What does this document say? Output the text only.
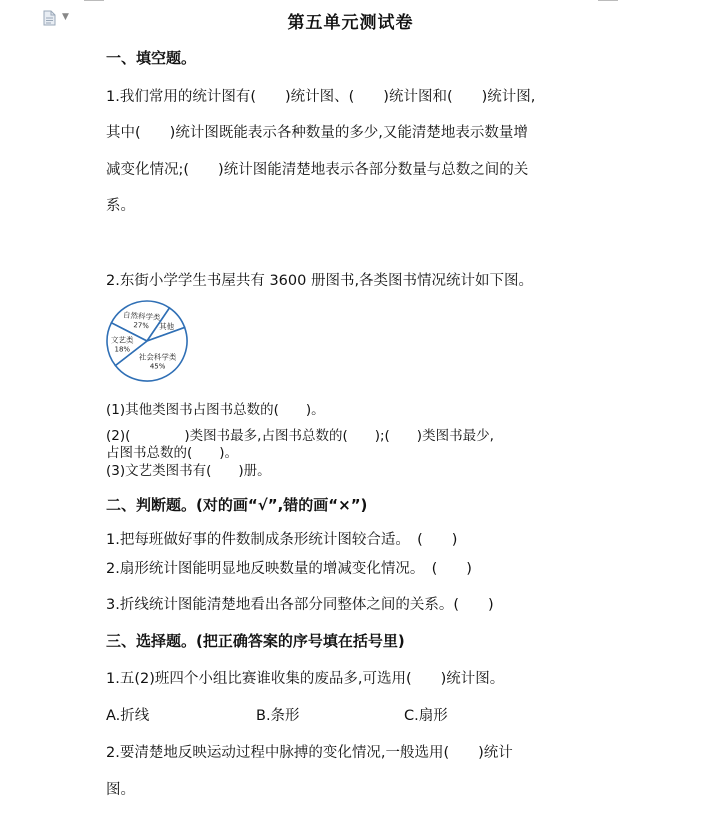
▼	第五单元测试卷
一、填空题。
1.我们常用的统计图有(　　)统计图、(　　)统计图和(　　)统计图,
其中(　　)统计图既能表示各种数量的多少,又能清楚地表示数量增
减变化情况;(　　)统计图能清楚地表示各部分数量与总数之间的关
系。
2.东街小学学生书屋共有 3600 册图书,各类图书情况统计如下图。
自然科学类
27% 其他
社会科学类
45%
文艺类
18%
(1)其他类图书占图书总数的(　　)。
(2)(　　　　)类图书最多,占图书总数的(　　);(　　)类图书最少,
占图书总数的(　　)。
(3)文艺类图书有(　　)册。
二、判断题。(对的画“√”,错的画“×”)
1.把每班做好事的件数制成条形统计图较合适。　(　　)
2.扇形统计图能明显地反映数量的增减变化情况。　(　　)
3.折线统计图能清楚地看出各部分同整体之间的关系。(　　)
三、选择题。(把正确答案的序号填在括号里)
1.五(2)班四个小组比赛谁收集的废品多,可选用(　　)统计图。
A.折线	B.条形	C.扇形
2.要清楚地反映运动过程中脉搏的变化情况,一般选用(　　)统计
图。
